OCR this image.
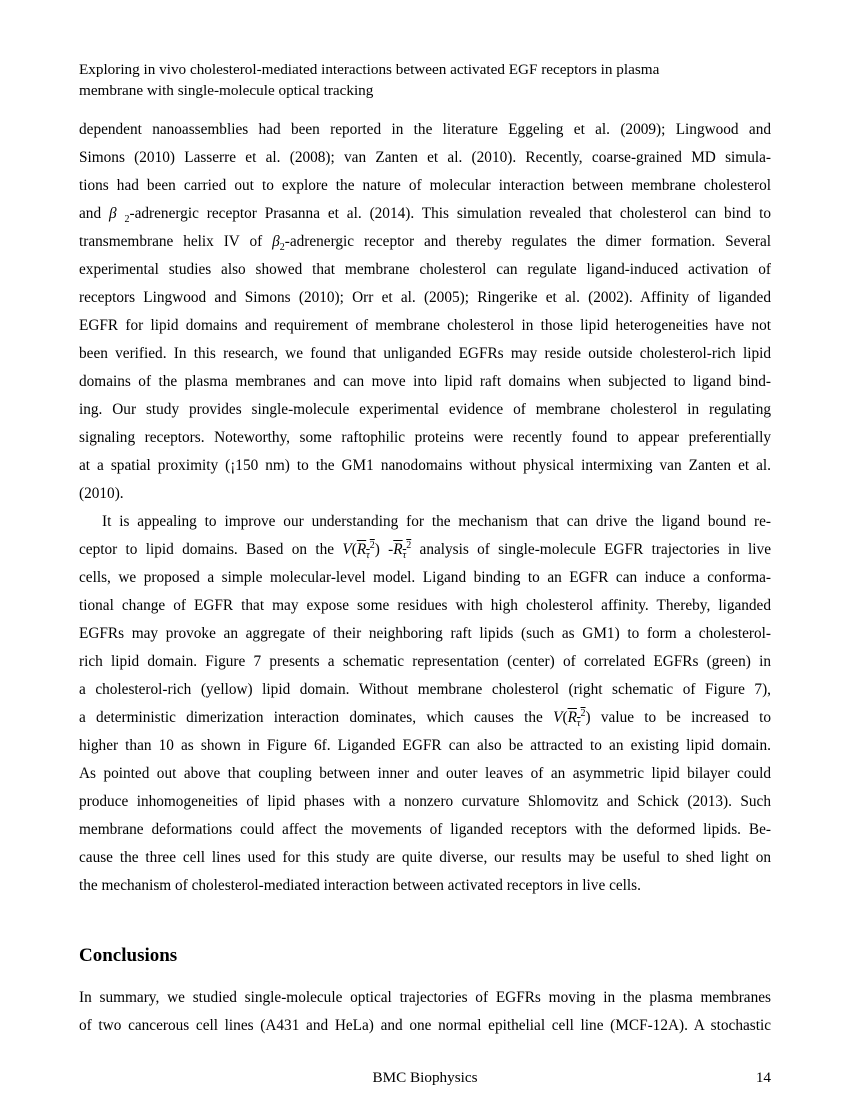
Exploring in vivo cholesterol-mediated interactions between activated EGF receptors in plasma
membrane with single-molecule optical tracking
dependent nanoassemblies had been reported in the literature Eggeling et al. (2009); Lingwood and
Simons (2010) Lasserre et al. (2008); van Zanten et al. (2010). Recently, coarse-grained MD simula-
tions had been carried out to explore the nature of molecular interaction between membrane cholesterol
and β $_2$-adrenergic receptor Prasanna et al. (2014). This simulation revealed that cholesterol can bind to
transmembrane helix IV of $\beta_2$-adrenergic receptor and thereby regulates the dimer formation. Several
experimental studies also showed that membrane cholesterol can regulate ligand-induced activation of
receptors Lingwood and Simons (2010); Orr et al. (2005); Ringerike et al. (2002). Affinity of liganded
EGFR for lipid domains and requirement of membrane cholesterol in those lipid heterogeneities have not
been verified. In this research, we found that unliganded EGFRs may reside outside cholesterol-rich lipid
domains of the plasma membranes and can move into lipid raft domains when subjected to ligand bind-
ing. Our study provides single-molecule experimental evidence of membrane cholesterol in regulating
signaling receptors. Noteworthy, some raftophilic proteins were recently found to appear preferentially
at a spatial proximity (¡150 nm) to the GM1 nanodomains without physical intermixing van Zanten et al.
(2010).
It is appealing to improve our understanding for the mechanism that can drive the ligand bound re-
ceptor to lipid domains. Based on the $V(R_\tau^2)$ $-R_\tau^2$ analysis of single-molecule EGFR trajectories in live
cells, we proposed a simple molecular-level model. Ligand binding to an EGFR can induce a conforma-
tional change of EGFR that may expose some residues with high cholesterol affinity. Thereby, liganded
EGFRs may provoke an aggregate of their neighboring raft lipids (such as GM1) to form a cholesterol-
rich lipid domain. Figure 7 presents a schematic representation (center) of correlated EGFRs (green) in
a cholesterol-rich (yellow) lipid domain. Without membrane cholesterol (right schematic of Figure 7),
a deterministic dimerization interaction dominates, which causes the $V(R_\tau^2)$ value to be increased to
higher than 10 as shown in Figure 6f. Liganded EGFR can also be attracted to an existing lipid domain.
As pointed out above that coupling between inner and outer leaves of an asymmetric lipid bilayer could
produce inhomogeneities of lipid phases with a nonzero curvature Shlomovitz and Schick (2013). Such
membrane deformations could affect the movements of liganded receptors with the deformed lipids. Be-
cause the three cell lines used for this study are quite diverse, our results may be useful to shed light on
the mechanism of cholesterol-mediated interaction between activated receptors in live cells.
Conclusions
In summary, we studied single-molecule optical trajectories of EGFRs moving in the plasma membranes
of two cancerous cell lines (A431 and HeLa) and one normal epithelial cell line (MCF-12A). A stochastic
BMC Biophysics	14
